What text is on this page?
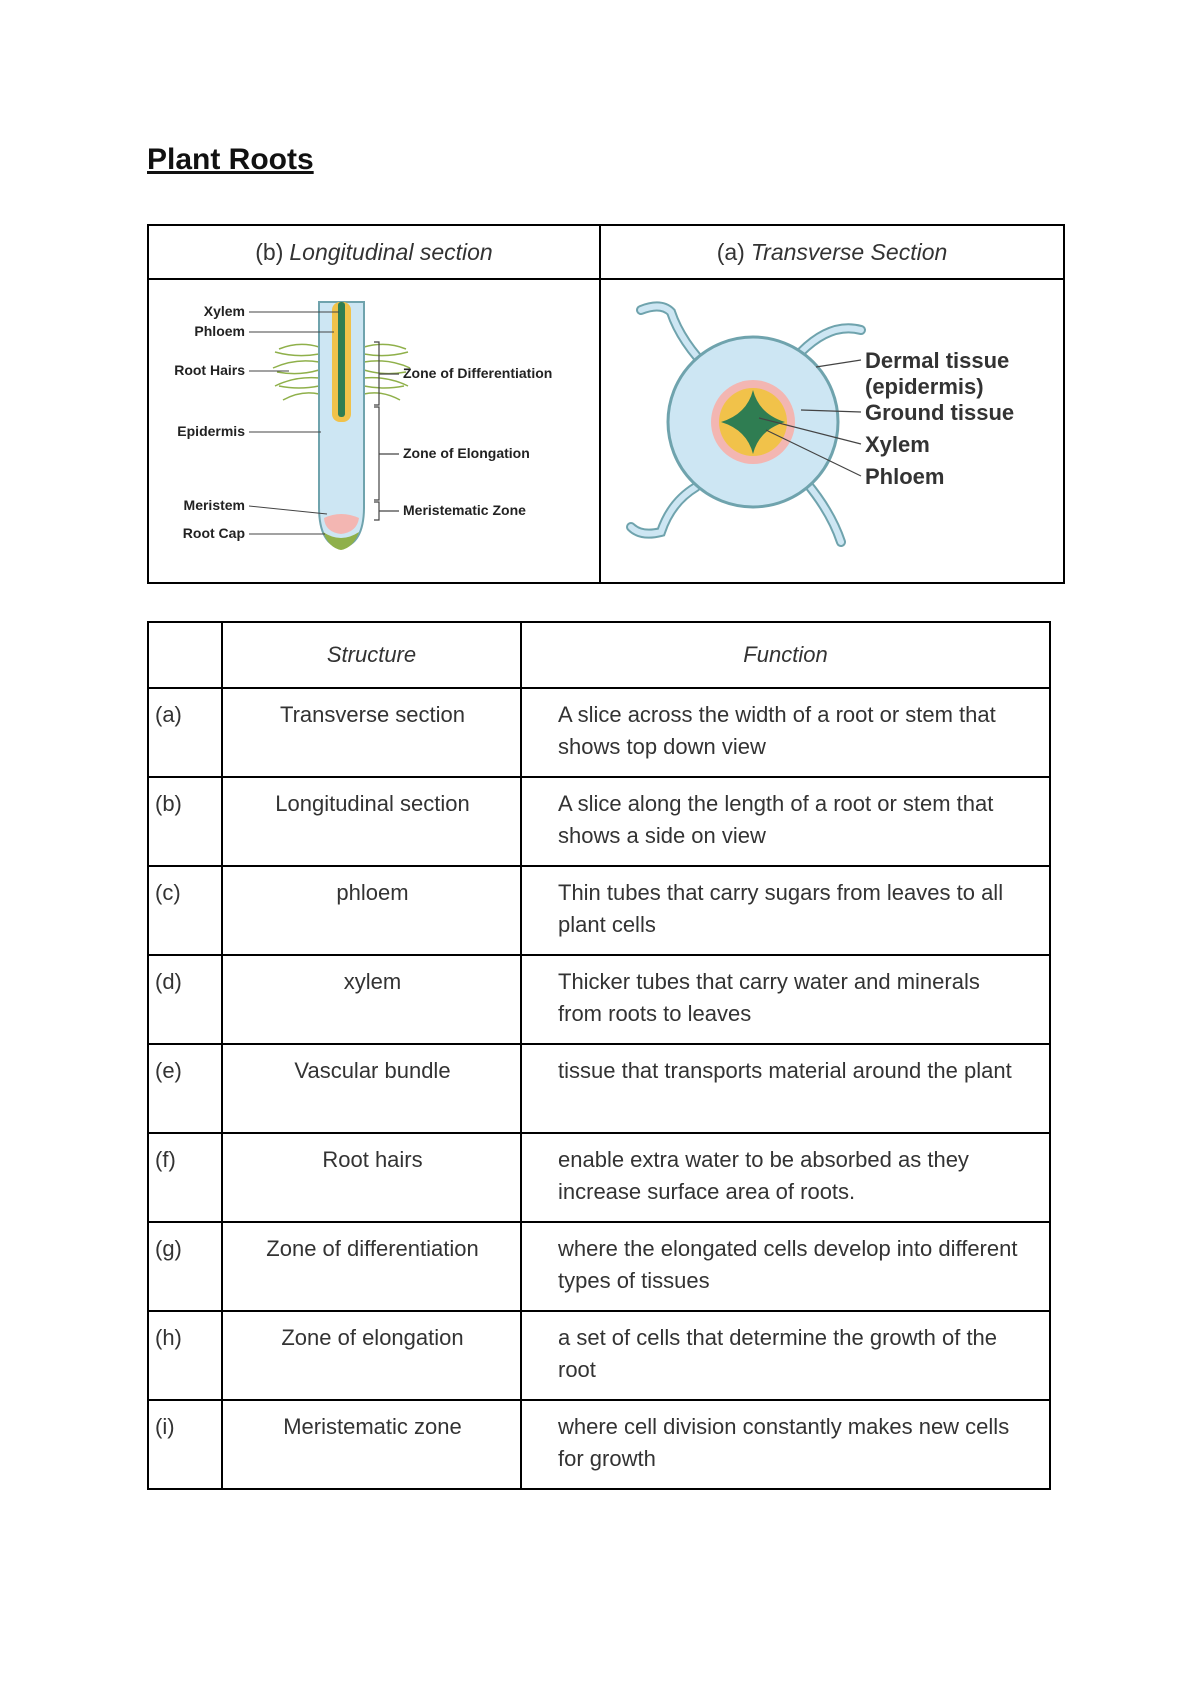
Plant Roots
(b) Longitudinal section	(a) Transverse Section
Xylem
Phloem
Root Hairs
Epidermis
Meristem
Root Cap
Zone of Differentiation
Zone of Elongation
Meristematic Zone
Dermal tissue
(epidermis)
Ground tissue
Xylem
Phloem
	Structure	Function
(a)	Transverse section	A slice across the width of a root or stem that shows top down view
(b)	Longitudinal section	A slice along the length of a root or stem that shows a side on view
(c)	phloem	Thin tubes that carry sugars from leaves to all plant cells
(d)	xylem	Thicker tubes that carry water and minerals from roots to leaves
(e)	Vascular bundle	tissue that transports material around the plant
(f)	Root hairs	enable extra water to be absorbed as they increase surface area of roots.
(g)	Zone of differentiation	where the elongated cells develop into different types of tissues
(h)	Zone of elongation	a set of cells that determine the growth of the root
(i)	Meristematic zone	where cell division constantly makes new cells for growth
